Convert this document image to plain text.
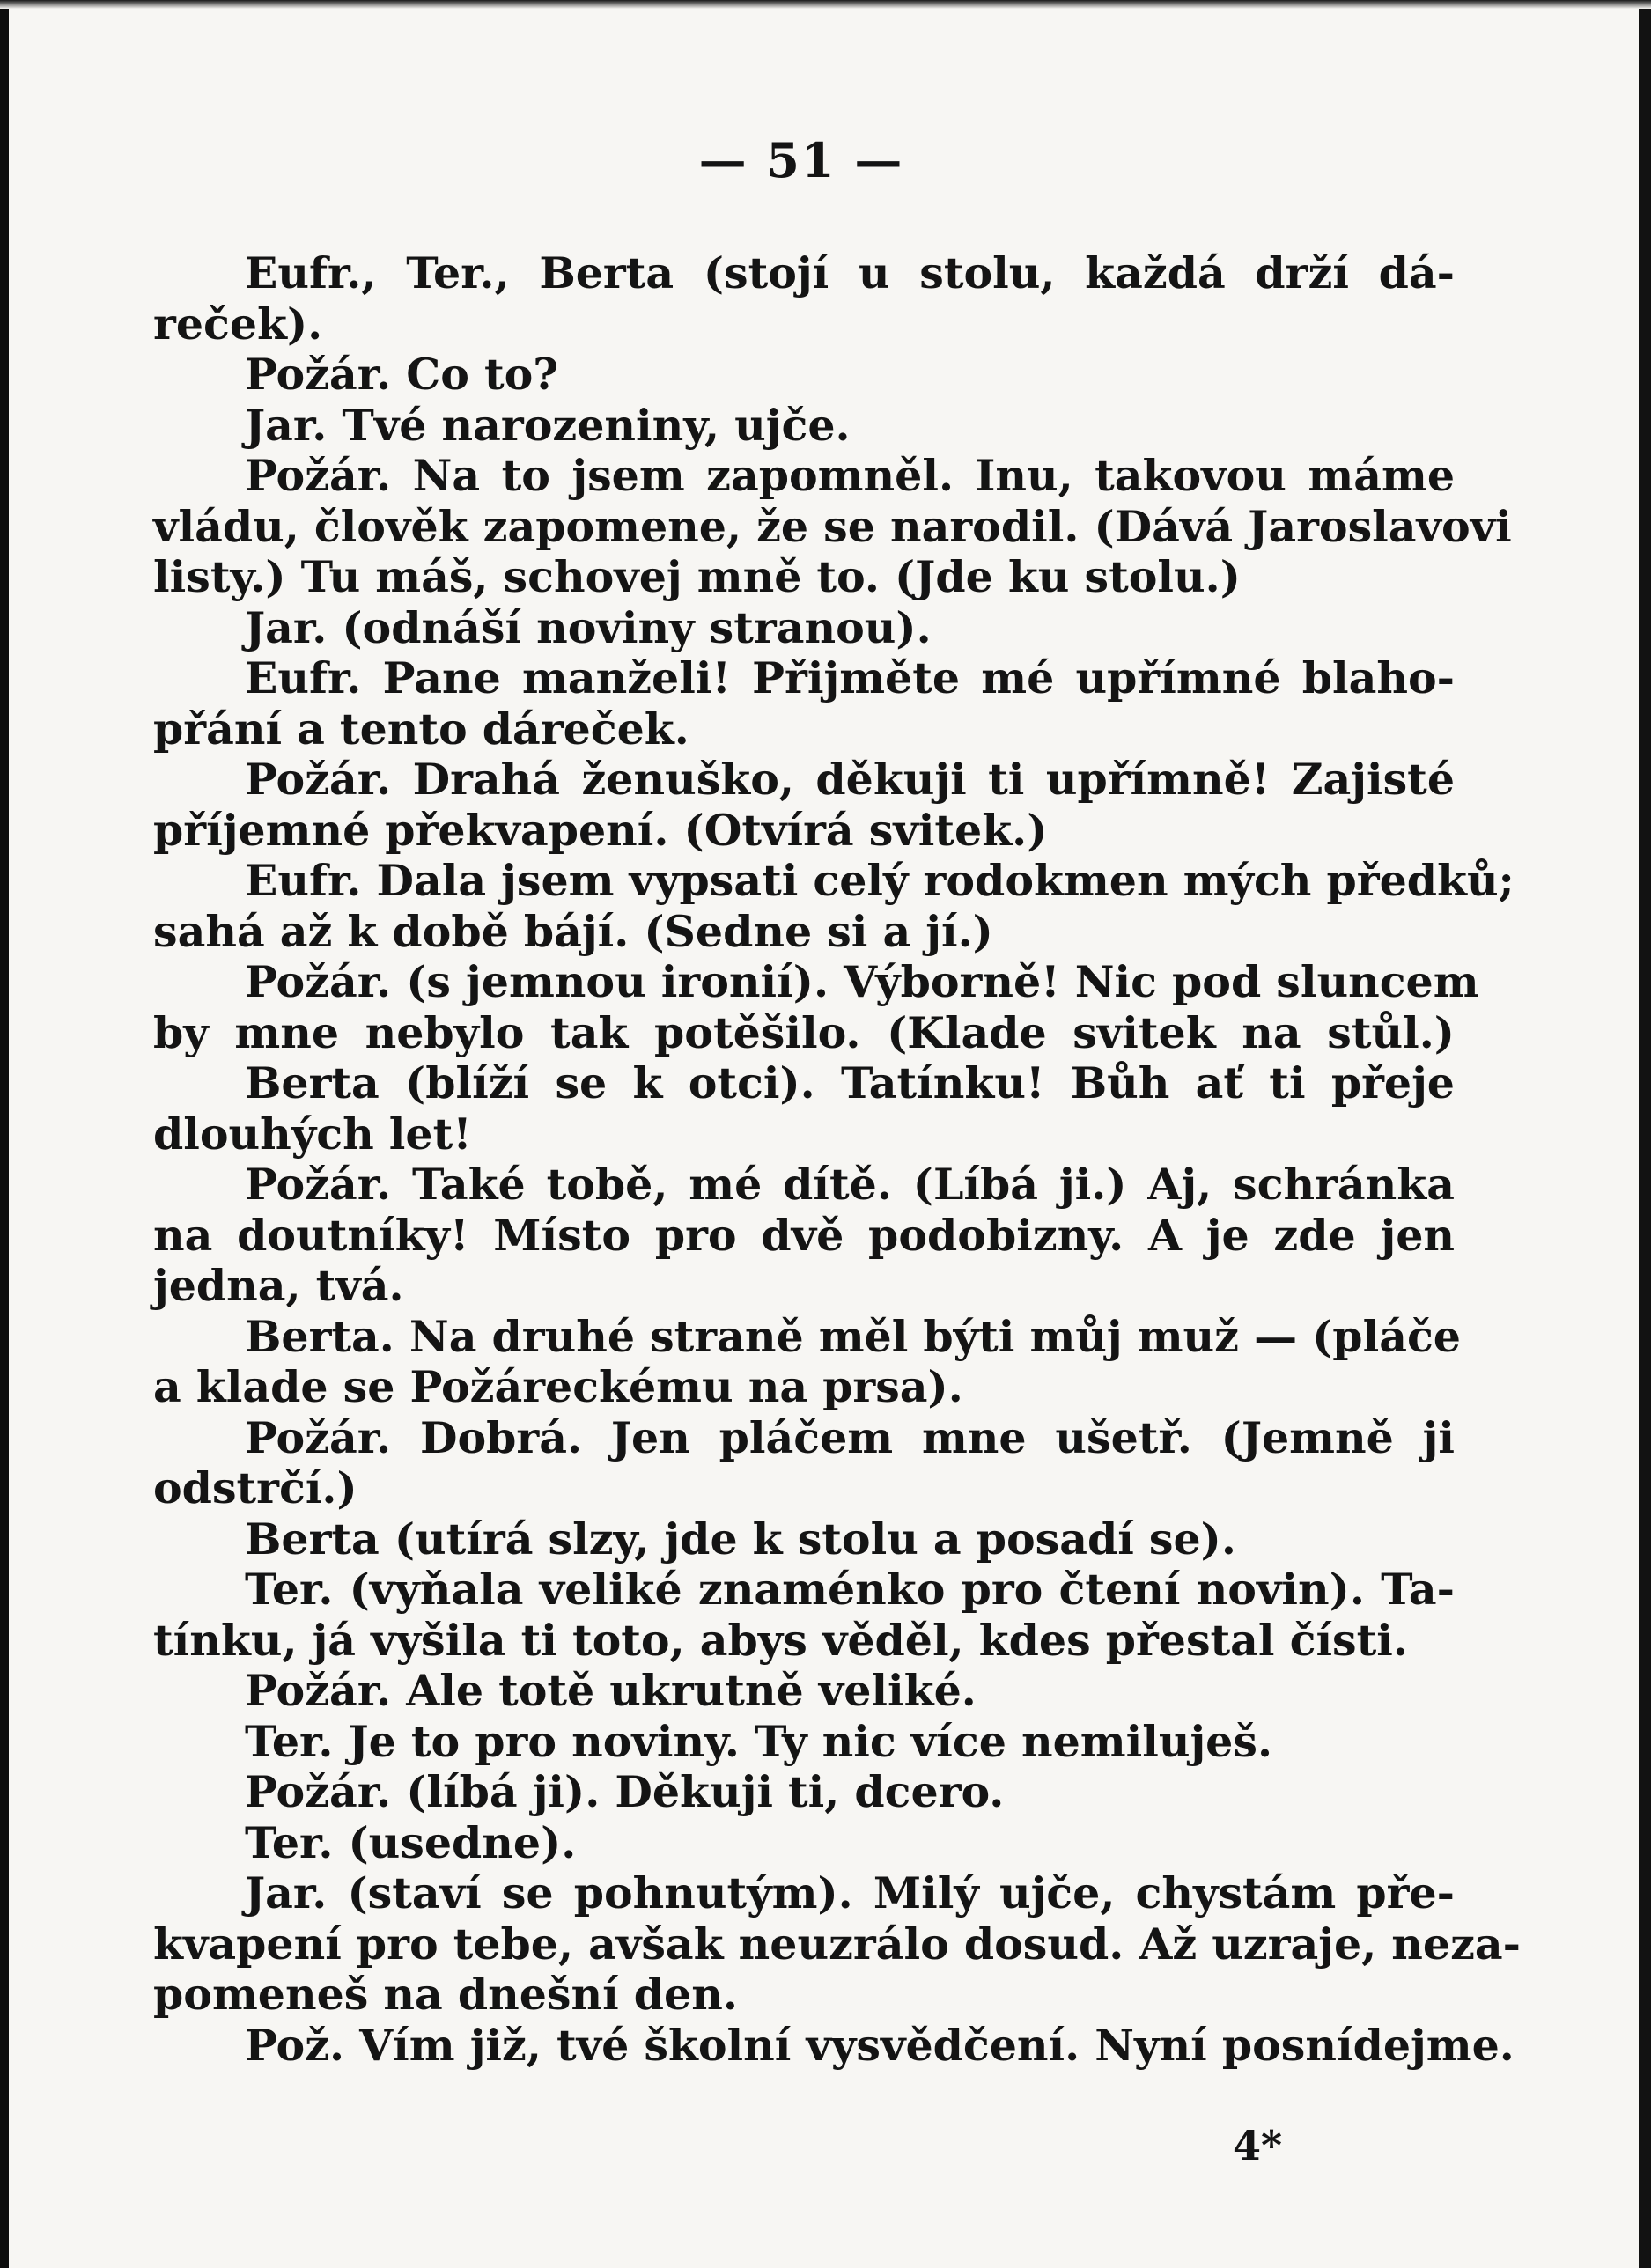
— 51 —
Eufr., Ter., Berta (stojí u stolu, každá drží dá-
reček).
Požár. Co to?
Jar. Tvé narozeniny, ujče.
Požár. Na to jsem zapomněl. Inu, takovou máme
vládu, člověk zapomene, že se narodil. (Dává Jaroslavovi
listy.) Tu máš, schovej mně to. (Jde ku stolu.)
Jar. (odnáší noviny stranou).
Eufr. Pane manželi! Přijměte mé upřímné blaho-
přání a tento dáreček.
Požár. Drahá ženuško, děkuji ti upřímně! Zajisté
příjemné překvapení. (Otvírá svitek.)
Eufr. Dala jsem vypsati celý rodokmen mých předků;
sahá až k době bájí. (Sedne si a jí.)
Požár. (s jemnou ironií). Výborně! Nic pod sluncem
by mne nebylo tak potěšilo. (Klade svitek na stůl.)
Berta (blíží se k otci). Tatínku! Bůh ať ti přeje
dlouhých let!
Požár. Také tobě, mé dítě. (Líbá ji.) Aj, schránka
na doutníky! Místo pro dvě podobizny. A je zde jen
jedna, tvá.
Berta. Na druhé straně měl býti můj muž — (pláče
a klade se Požáreckému na prsa).
Požár. Dobrá. Jen pláčem mne ušetř. (Jemně ji
odstrčí.)
Berta (utírá slzy, jde k stolu a posadí se).
Ter. (vyňala veliké znaménko pro čtení novin). Ta-
tínku, já vyšila ti toto, abys věděl, kdes přestal čísti.
Požár. Ale totě ukrutně veliké.
Ter. Je to pro noviny. Ty nic více nemiluješ.
Požár. (líbá ji). Děkuji ti, dcero.
Ter. (usedne).
Jar. (staví se pohnutým). Milý ujče, chystám pře-
kvapení pro tebe, avšak neuzrálo dosud. Až uzraje, neza-
pomeneš na dnešní den.
Pož. Vím již, tvé školní vysvědčení. Nyní posnídejme.
4*
